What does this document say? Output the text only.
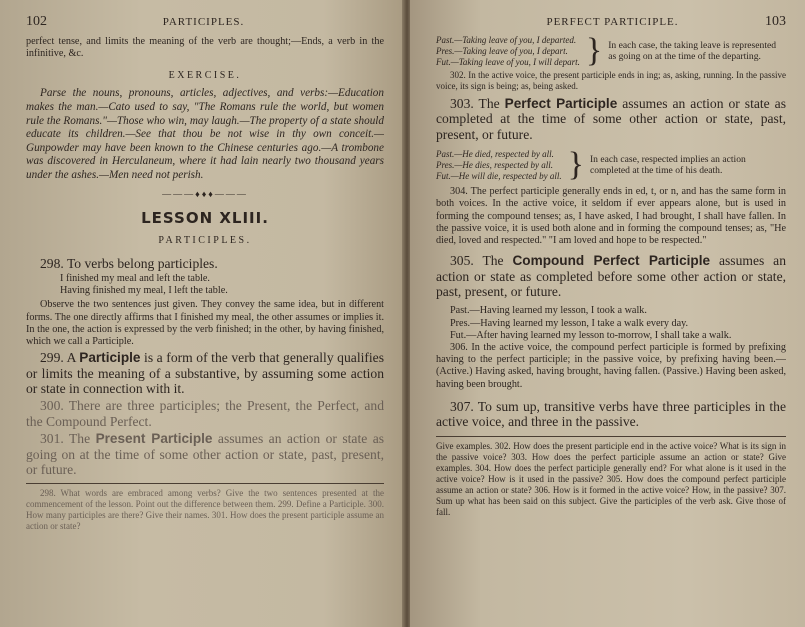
102	PARTICIPLES.

perfect tense, and limits the meaning of the verb are thought;—Ends, a verb in the infinitive, &c.

EXERCISE.

Parse the nouns, pronouns, articles, adjectives, and verbs:—Education makes the man.—Cato used to say, "The Romans rule the world, but women rule the Romans."—Those who win, may laugh.—The property of a state should educate its children.—See that thou be not wise in thy own conceit.—Gunpowder may have been known to the Chinese centuries ago.—A trombone was discovered in Herculaneum, where it had lain nearly two thousand years under the ashes.—Men need not perish.

———♦♦♦———

LESSON XLIII.

PARTICIPLES.

298. To verbs belong participles.

I finished my meal and left the table.

Having finished my meal, I left the table.

Observe the two sentences just given. They convey the same idea, but in different forms. The one directly affirms that I finished my meal, the other assumes or implies it. In the one, the action is expressed by the verb finished; in the other, by having finished, which we call a Participle.

299. A Participle is a form of the verb that generally qualifies or limits the meaning of a substantive, by assuming some action or state in connection with it.

300. There are three participles; the Present, the Perfect, and the Compound Perfect.

301. The Present Participle assumes an action or state as going on at the time of some other action or state, past, present, or future.

298. What words are embraced among verbs? Give the two sentences presented at the commencement of the lesson. Point out the difference between them. 299. Define a Participle. 300. How many participles are there? Give their names. 301. How does the present participle assume an action or state?

PERFECT PARTICIPLE.	103

Past.—Taking leave of you, I departed.

Pres.—Taking leave of you, I depart.

Fut.—Taking leave of you, I will depart. } In each case, the taking leave is represented as going on at the time of the departing.

302. In the active voice, the present participle ends in ing; as, asking, running. In the passive voice, its sign is being; as, being asked.

303. The Perfect Participle assumes an action or state as completed at the time of some other action or state, past, present, or future.

Past.—He died, respected by all.

Pres.—He dies, respected by all.

Fut.—He will die, respected by all. } In each case, respected implies an action completed at the time of his death.

304. The perfect participle generally ends in ed, t, or n, and has the same form in both voices. In the active voice, it seldom if ever appears alone, but is used in forming the compound tenses; as, I have asked, I had brought, I shall have fallen. In the passive voice, it is used both alone and in forming the compound tenses; as, "He died, loved and respected." "I am loved and hope to be respected."

305. The Compound Perfect Participle assumes an action or state as completed before some other action or state, past, present, or future.

Past.—Having learned my lesson, I took a walk.

Pres.—Having learned my lesson, I take a walk every day.

Fut.—After having learned my lesson to-morrow, I shall take a walk.

306. In the active voice, the compound perfect participle is formed by prefixing having to the perfect participle; in the passive voice, by prefixing having been.—(Active.) Having asked, having brought, having fallen. (Passive.) Having been asked, having been brought.

307. To sum up, transitive verbs have three participles in the active voice, and three in the passive.

Give examples. 302. How does the present participle end in the active voice? What is its sign in the passive voice? 303. How does the perfect participle assume an action or state? Give examples. 304. How does the perfect participle generally end? For what alone is it used in the active voice? How is it used in the passive? 305. How does the compound perfect participle assume an action or state? 306. How is it formed in the active voice? How, in the passive? 307. Sum up what has been said on this subject. Give the participles of the verb ask. Give those of fall.
